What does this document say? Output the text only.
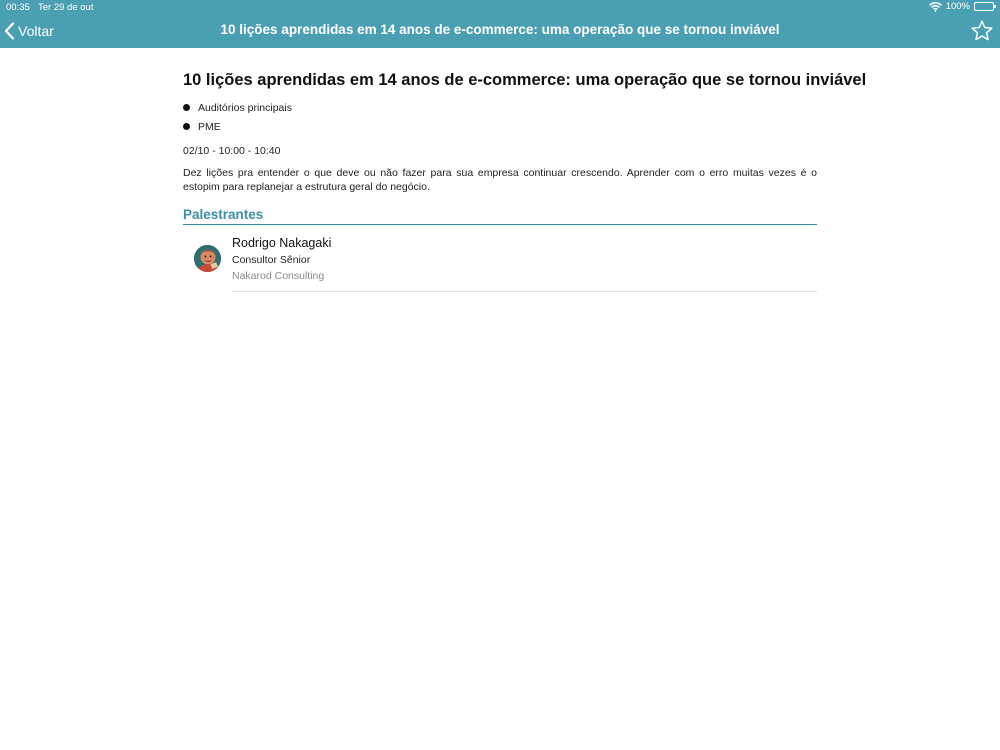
00:35 Ter 29 de out	100%
Voltar	10 lições aprendidas em 14 anos de e-commerce: uma operação que se tornou inviável
10 lições aprendidas em 14 anos de e-commerce: uma operação que se tornou inviável
Auditórios principais
PME
02/10 - 10:00 - 10:40

Dez lições pra entender o que deve ou não fazer para sua empresa continuar crescendo. Aprender com o erro muitas vezes é o estopim para replanejar a estrutura geral do negócio.

Palestrantes
Rodrigo Nakagaki
Consultor Sênior
Nakarod Consulting
